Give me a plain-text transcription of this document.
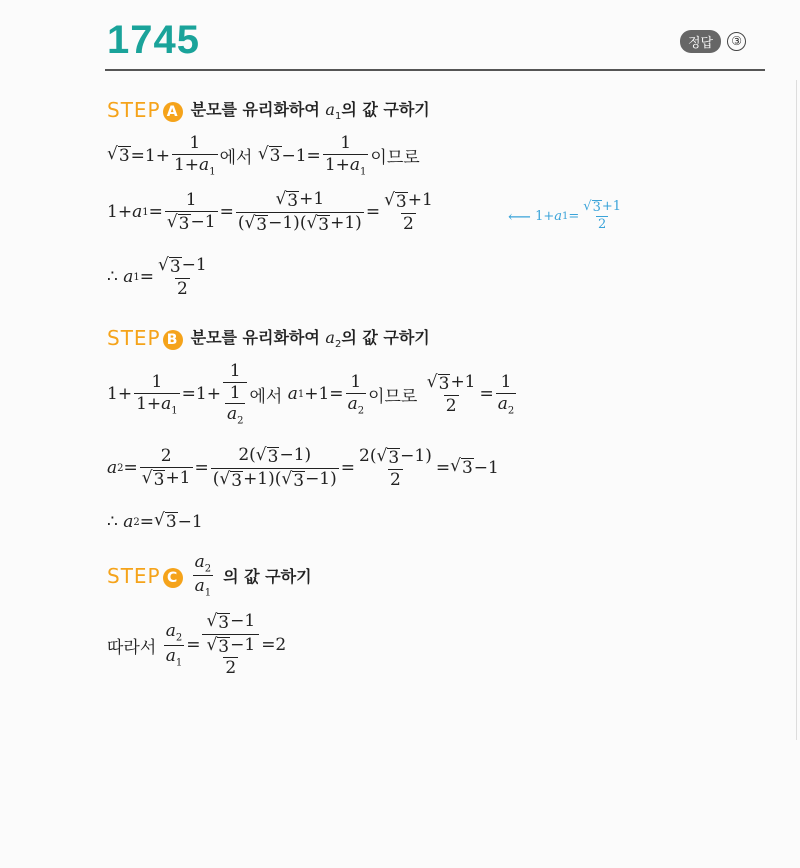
1745	정답	③
STEP A 분모를 유리화하여 $a_1$의 값 구하기
√ $3 =1+ \frac{1}{1+a_1}$ 에서
√ $3 -1= \frac{1}{1+a_1}$ 이므로
1+ a $1 = \frac{1}{√ 3 -1} = \frac{√ 3 +1}{( √ 3 -1)( √ 3 +1)} = \frac{√ 3 +1}{2}$	⟵ 1+ a $1 = \frac{√ 3 +1}{2}$
∴
a $1 = \frac{√ 3 -1}{2}$
STEP B 분모를 유리화하여 $a_2$의 값 구하기
$1+ \frac{1}{1+a_1} =1+ \frac{1}{\frac{1}{a_2}}$ 에서
a $1 +1= \frac{1}{a_2}$ 이므로
$\frac{√ 3 +1}{2} = \frac{1}{a_2}$
a $2 = \frac{2}{√ 3 +1} = \frac{2( √ 3 -1)}{( √ 3 +1)( √ 3 -1)} = \frac{2( √ 3 -1)}{2}$ = √ 3 −1
∴
a 2 = √ 3 −1
STEP C $\frac{a_2}{a_1}$ 의 값 구하기
따라서
$\frac{a_2}{a_1} = \frac{√ 3 -1}{\frac{√ 3 -1}{2}} =2$
